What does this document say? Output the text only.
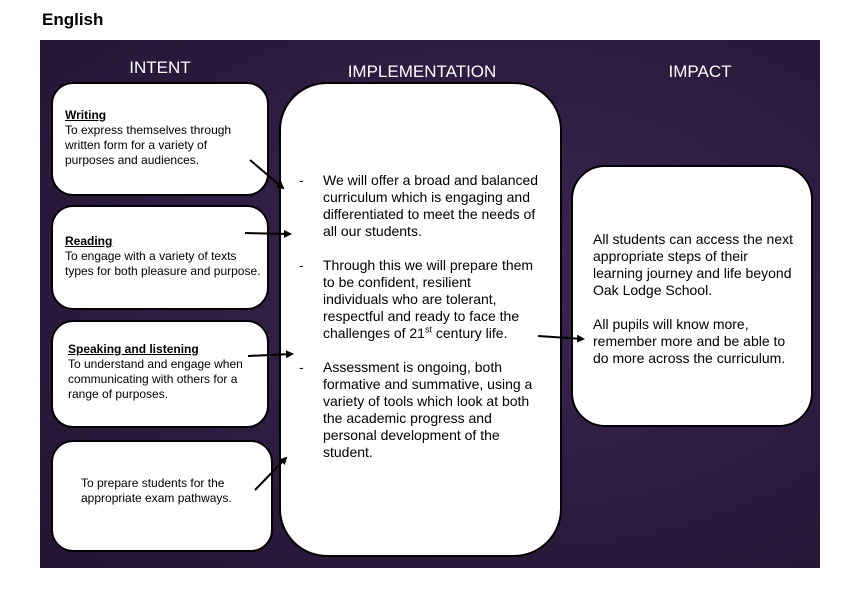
English
INTENT	IMPLEMENTATION	IMPACT
Writing
To express themselves through written form for a variety of purposes and audiences.
Reading
To engage with a variety of texts types for both pleasure and purpose.
Speaking and listening
To understand and engage when communicating with others for a range of purposes.
To prepare students for the appropriate exam pathways.
- We will offer a broad and balanced curriculum which is engaging and differentiated to meet the needs of all our students.
- Through this we will prepare them to be confident, resilient individuals who are tolerant, respectful and ready to face the challenges of 21st century life.
- Assessment is ongoing, both formative and summative, using a variety of tools which look at both the academic progress and personal development of the student.

All students can access the next appropriate steps of their learning journey and life beyond Oak Lodge School.

All pupils will know more, remember more and be able to do more across the curriculum.
